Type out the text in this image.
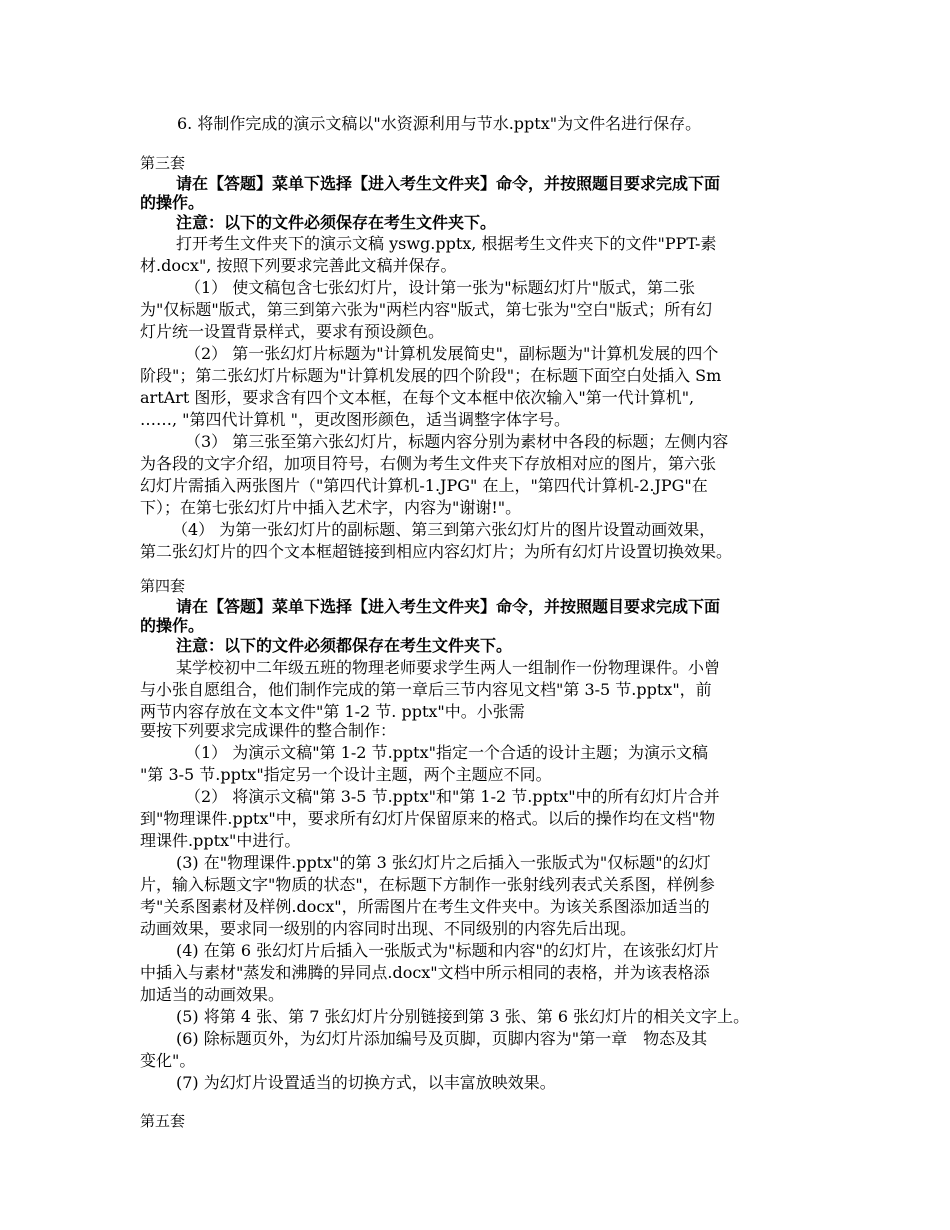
6. 将制作完成的演示文稿以"水资源利用与节水.pptx"为文件名进行保存。
第三套
请在【答题】菜单下选择【进入考生文件夹】命令，并按照题目要求完成下面
的操作。
注意：以下的文件必须保存在考生文件夹下。
打开考生文件夹下的演示文稿 yswg.pptx, 根据考生文件夹下的文件"PPT-素
材.docx", 按照下列要求完善此文稿并保存。
（1） 使文稿包含七张幻灯片，设计第一张为"标题幻灯片"版式，第二张
为"仅标题"版式，第三到第六张为"两栏内容"版式，第七张为"空白"版式；所有幻
灯片统一设置背景样式，要求有预设颜色。
（2） 第一张幻灯片标题为"计算机发展简史"，副标题为"计算机发展的四个
阶段"；第二张幻灯片标题为"计算机发展的四个阶段"；在标题下面空白处插入 Sm
artArt 图形，要求含有四个文本框，在每个文本框中依次输入"第一代计算机",
……, "第四代计算机 "，更改图形颜色，适当调整字体字号。
（3） 第三张至第六张幻灯片，标题内容分别为素材中各段的标题；左侧内容
为各段的文字介绍，加项目符号，右侧为考生文件夹下存放相对应的图片，第六张
幻灯片需插入两张图片（"第四代计算机-1.JPG" 在上，"第四代计算机-2.JPG"在
下）；在第七张幻灯片中插入艺术字，内容为"谢谢!"。
（4） 为第一张幻灯片的副标题、第三到第六张幻灯片的图片设置动画效果，
第二张幻灯片的四个文本框超链接到相应内容幻灯片；为所有幻灯片设置切换效果。
第四套
请在【答题】菜单下选择【进入考生文件夹】命令，并按照题目要求完成下面
的操作。
注意：以下的文件必须都保存在考生文件夹下。
某学校初中二年级五班的物理老师要求学生两人一组制作一份物理课件。小曾
与小张自愿组合，他们制作完成的第一章后三节内容见文档"第 3-5 节.pptx"，前
两节内容存放在文本文件"第 1-2 节. pptx"中。小张需
要按下列要求完成课件的整合制作：
（1） 为演示文稿"第 1-2 节.pptx"指定一个合适的设计主题；为演示文稿
"第 3-5 节.pptx"指定另一个设计主题，两个主题应不同。
（2） 将演示文稿"第 3-5 节.pptx"和"第 1-2 节.pptx"中的所有幻灯片合并
到"物理课件.pptx"中，要求所有幻灯片保留原来的格式。以后的操作均在文档"物
理课件.pptx"中进行。
(3) 在"物理课件.pptx"的第 3 张幻灯片之后插入一张版式为"仅标题"的幻灯
片，输入标题文字"物质的状态"，在标题下方制作一张射线列表式关系图，样例参
考"关系图素材及样例.docx"，所需图片在考生文件夹中。为该关系图添加适当的
动画效果，要求同一级别的内容同时出现、不同级别的内容先后出现。
(4) 在第 6 张幻灯片后插入一张版式为"标题和内容"的幻灯片，在该张幻灯片
中插入与素材"蒸发和沸腾的异同点.docx"文档中所示相同的表格，并为该表格添
加适当的动画效果。
(5) 将第 4 张、第 7 张幻灯片分别链接到第 3 张、第 6 张幻灯片的相关文字上。
(6) 除标题页外，为幻灯片添加编号及页脚，页脚内容为"第一章　物态及其
变化"。
(7) 为幻灯片设置适当的切换方式，以丰富放映效果。
第五套
